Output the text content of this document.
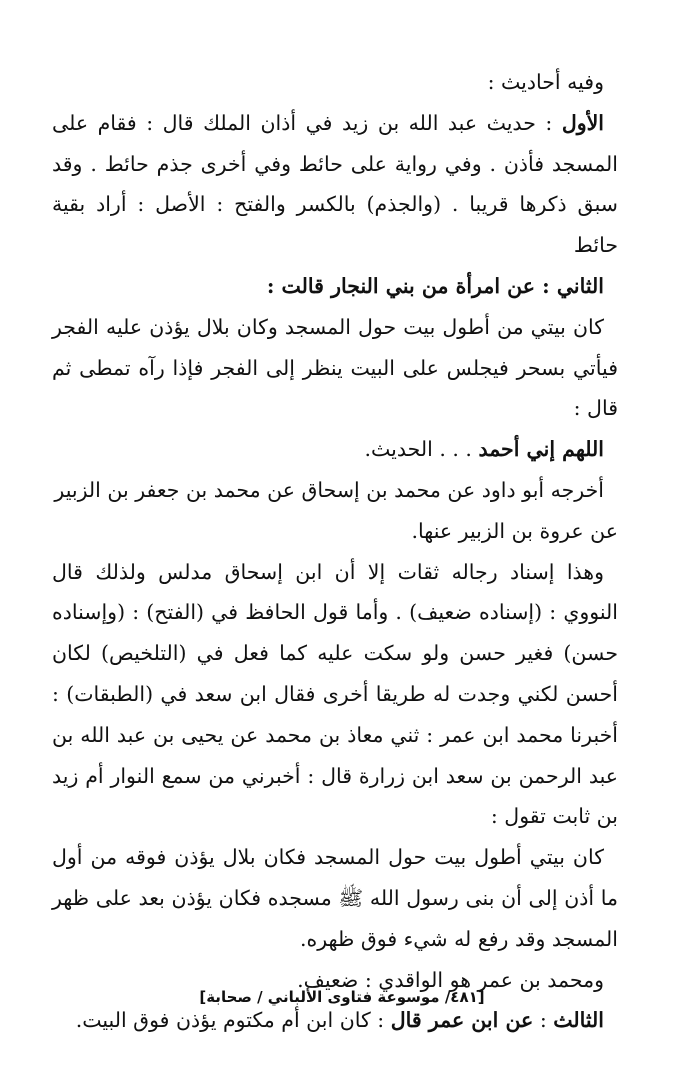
وفيه أحاديث :

الأول : حديث عبد الله بن زيد في أذان الملك قال : فقام على المسجد فأذن . وفي رواية على حائط وفي أخرى جذم حائط . وقد سبق ذكرها قريبا . (والجذم) بالكسر والفتح : الأصل : أراد بقية حائط

الثاني : عن امرأة من بني النجار قالت :

كان بيتي من أطول بيت حول المسجد وكان بلال يؤذن عليه الفجر فيأتي بسحر فيجلس على البيت ينظر إلى الفجر فإذا رآه تمطى ثم قال :

اللهم إني أحمد . . . الحديث.

أخرجه أبو داود عن محمد بن إسحاق عن محمد بن جعفر بن الزبير

عن عروة بن الزبير عنها.

وهذا إسناد رجاله ثقات إلا أن ابن إسحاق مدلس ولذلك قال النووي : (إسناده ضعيف) . وأما قول الحافظ في (الفتح) : (وإسناده حسن) فغير حسن ولو سكت عليه كما فعل في (التلخيص) لكان أحسن لكني وجدت له طريقا أخرى فقال ابن سعد في (الطبقات) : أخبرنا محمد ابن عمر : ثني معاذ بن محمد عن يحيى بن عبد الله بن عبد الرحمن بن سعد ابن زرارة قال : أخبرني من سمع النوار أم زيد بن ثابت تقول :

كان بيتي أطول بيت حول المسجد فكان بلال يؤذن فوقه من أول ما أذن إلى أن بنى رسول الله ﷺ مسجده فكان يؤذن بعد على ظهر المسجد وقد رفع له شيء فوق ظهره.

ومحمد بن عمر هو الواقدي : ضعيف.

الثالث : عن ابن عمر قال : كان ابن أم مكتوم يؤذن فوق البيت.

[٤٨١/ موسوعة فتاوى الألباني / صحابة]
